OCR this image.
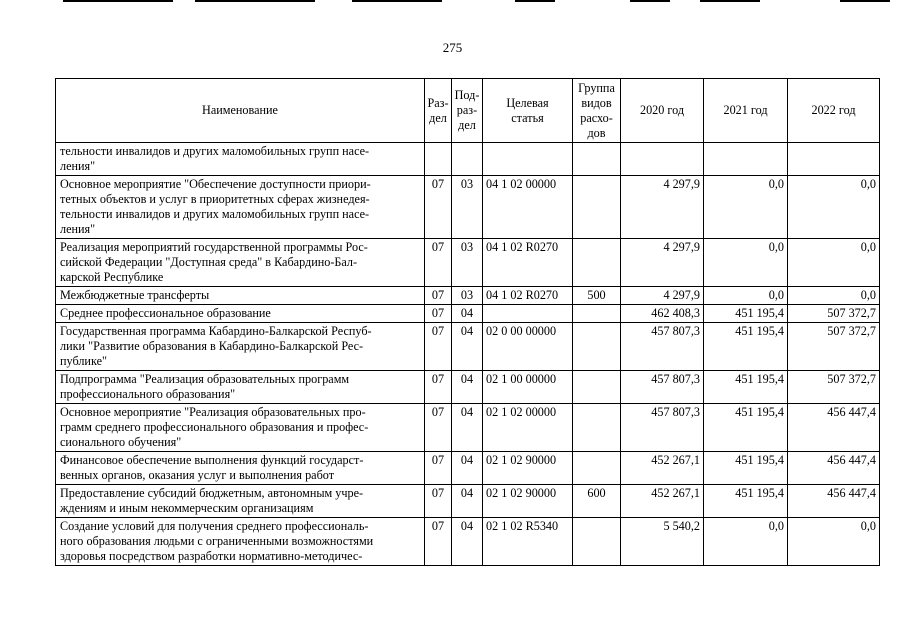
275
Наименование	Раз-
дел	Под-
раз-
дел	Целевая
статья	Группа
видов
расхо-
дов	2020 год	2021 год	2022 год
тельности инвалидов и других маломобильных групп насе-
ления"							
Основное мероприятие "Обеспечение доступности приори-
тетных объектов и услуг в приоритетных сферах жизнедея-
тельности инвалидов и других маломобильных групп насе-
ления"	07	03	04 1 02 00000		4 297,9	0,0	0,0
Реализация мероприятий государственной программы Рос-
сийской Федерации "Доступная среда" в Кабардино-Бал-
карской Республике	07	03	04 1 02 R0270		4 297,9	0,0	0,0
Межбюджетные трансферты	07	03	04 1 02 R0270	500	4 297,9	0,0	0,0
Среднее профессиональное образование	07	04			462 408,3	451 195,4	507 372,7
Государственная программа Кабардино-Балкарской Респуб-
лики "Развитие образования в Кабардино-Балкарской Рес-
публике"	07	04	02 0 00 00000		457 807,3	451 195,4	507 372,7
Подпрограмма "Реализация образовательных программ
профессионального образования"	07	04	02 1 00 00000		457 807,3	451 195,4	507 372,7
Основное мероприятие "Реализация образовательных про-
грамм среднего профессионального образования и профес-
сионального обучения"	07	04	02 1 02 00000		457 807,3	451 195,4	456 447,4
Финансовое обеспечение выполнения функций государст-
венных органов, оказания услуг и выполнения работ	07	04	02 1 02 90000		452 267,1	451 195,4	456 447,4
Предоставление субсидий бюджетным, автономным учре-
ждениям и иным некоммерческим организациям	07	04	02 1 02 90000	600	452 267,1	451 195,4	456 447,4
Создание условий для получения среднего профессиональ-
ного образования людьми с ограниченными возможностями
здоровья посредством разработки нормативно-методичес-	07	04	02 1 02 R5340		5 540,2	0,0	0,0
